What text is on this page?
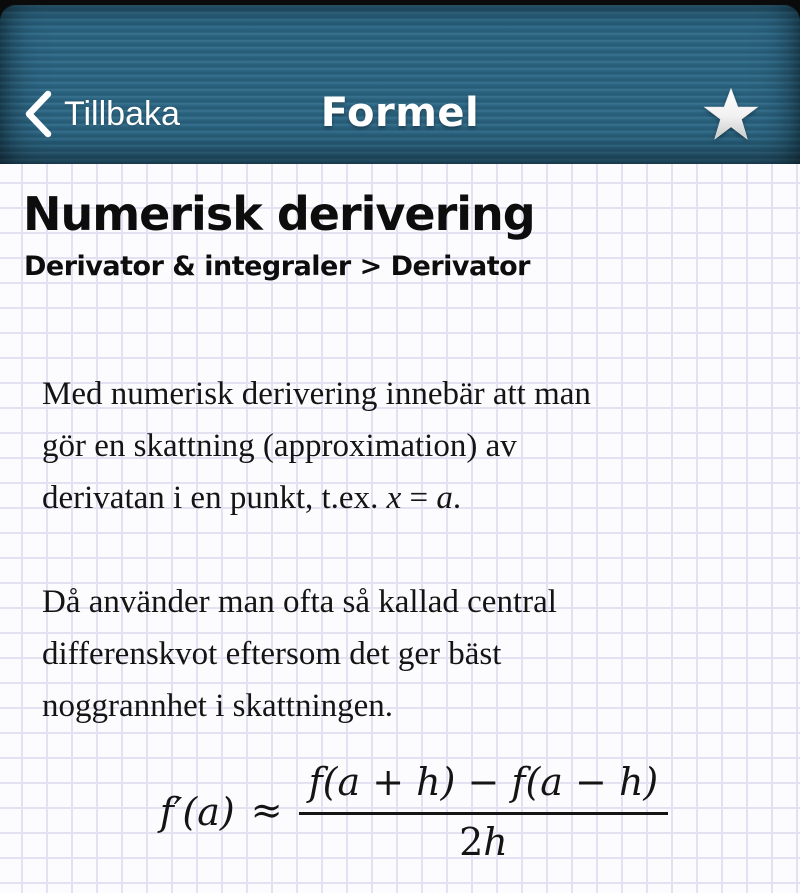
Tillbaka	Formel
Numerisk derivering
Derivator & integraler > Derivator
Med numerisk derivering innebär att man
gör en skattning (approximation) av
derivatan i en punkt, t.ex. x = a.
Då använder man ofta så kallad central
differenskvot eftersom det ger bäst
noggrannhet i skattningen.
$f'(a) \approx \frac{f(a + h) - f(a - h)}{2h}$
